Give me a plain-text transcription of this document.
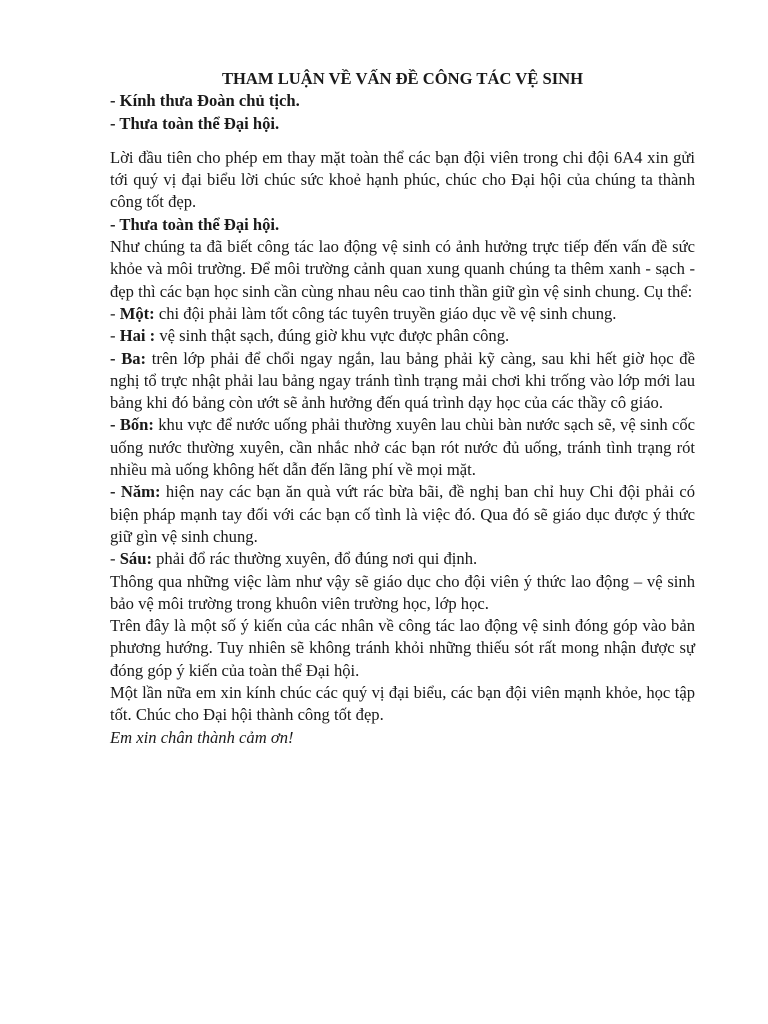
THAM LUẬN VỀ VẤN ĐỀ CÔNG TÁC VỆ SINH

- Kính thưa Đoàn chủ tịch.

- Thưa toàn thể Đại hội.

Lời đầu tiên cho phép em thay mặt toàn thể các bạn đội viên trong chi đội 6A4 xin gửi tới quý vị đại biểu lời chúc sức khoẻ hạnh phúc, chúc cho Đại hội của chúng ta thành công tốt đẹp.

- Thưa toàn thể Đại hội.

Như chúng ta đã biết công tác lao động vệ sinh có ảnh hưởng trực tiếp đến vấn đề sức khỏe và môi trường. Để môi trường cảnh quan xung quanh chúng ta thêm xanh - sạch - đẹp thì các bạn học sinh cần cùng nhau nêu cao tinh thần giữ gìn vệ sinh chung. Cụ thể:

- Một: chi đội phải làm tốt công tác tuyên truyền giáo dục về vệ sinh chung.

- Hai : vệ sinh thật sạch, đúng giờ khu vực được phân công.

- Ba: trên lớp phải để chổi ngay ngắn, lau bảng phải kỹ càng, sau khi hết giờ học đề nghị tổ trực nhật phải lau bảng ngay tránh tình trạng mải chơi khi trống vào lớp mới lau bảng khi đó bảng còn ướt sẽ ảnh hưởng đến quá trình dạy học của các thầy cô giáo.

- Bốn: khu vực để nước uống phải thường xuyên lau chùi bàn nước sạch sẽ, vệ sinh cốc uống nước thường xuyên, cần nhắc nhở các bạn rót nước đủ uống, tránh tình trạng rót nhiều mà uống không hết dẫn đến lãng phí về mọi mặt.

- Năm: hiện nay các bạn ăn quà vứt rác bừa bãi, đề nghị ban chỉ huy Chi đội phải có biện pháp mạnh tay đối với các bạn cố tình là việc đó. Qua đó sẽ giáo dục được ý thức giữ gìn vệ sinh chung.

- Sáu: phải đổ rác thường xuyên, đổ đúng nơi qui định.

Thông qua những việc làm như vậy sẽ giáo dục cho đội viên ý thức lao động – vệ sinh bảo vệ môi trường trong khuôn viên trường học, lớp học.

Trên đây là một số ý kiến của các nhân về công tác lao động vệ sinh đóng góp vào bản phương hướng. Tuy nhiên sẽ không tránh khỏi những thiếu sót rất mong nhận được sự đóng góp ý kiến của toàn thể Đại hội.

Một lần nữa em xin kính chúc các quý vị đại biểu, các bạn đội viên mạnh khỏe, học tập tốt. Chúc cho Đại hội thành công tốt đẹp.

Em xin chân thành cảm ơn!
